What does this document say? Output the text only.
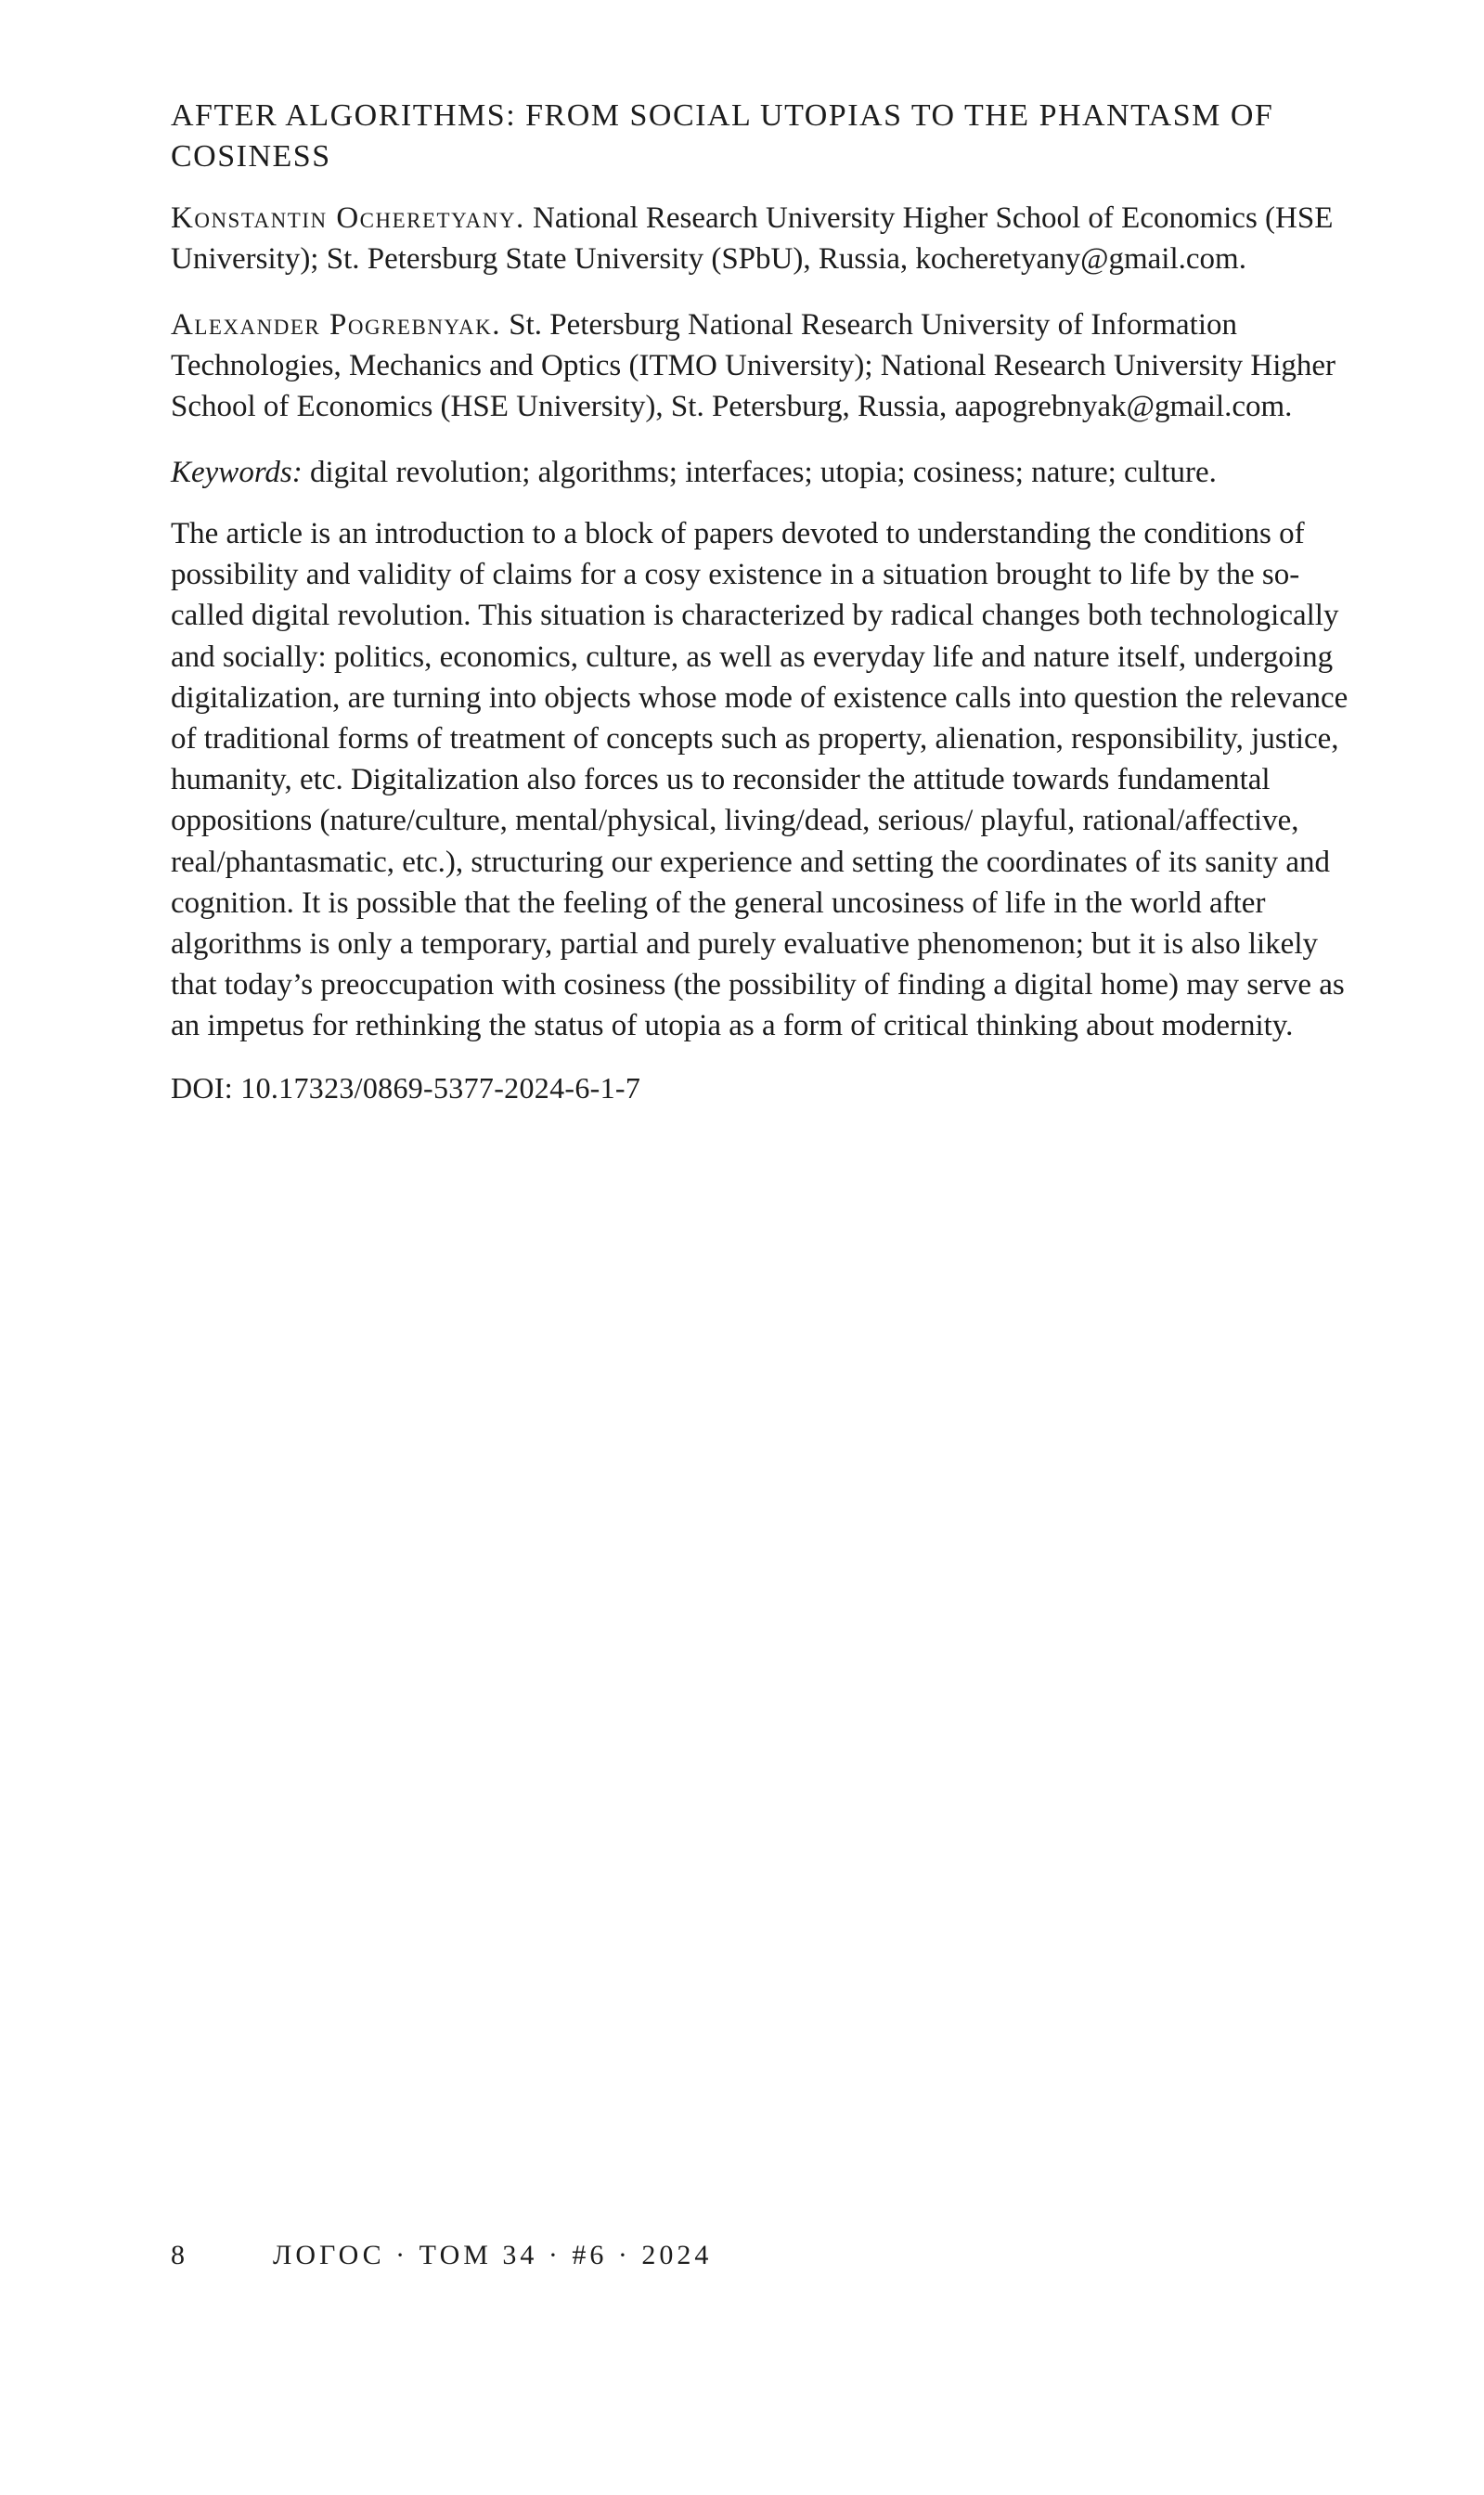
AFTER ALGORITHMS: FROM SOCIAL UTOPIAS TO THE PHANTASM OF COSINESS

Konstantin Ocheretyany. National Research University Higher School of Economics (HSE University); St. Petersburg State University (SPbU), Russia, kocheretyany@gmail.com.

Alexander Pogrebnyak. St. Petersburg National Research University of Information Technologies, Mechanics and Optics (ITMO University); National Research University Higher School of Economics (HSE University), St. Petersburg, Russia, aapogrebnyak@gmail.com.

Keywords: digital revolution; algorithms; interfaces; utopia; cosiness; nature; culture.

The article is an introduction to a block of papers devoted to understanding the conditions of possibility and validity of claims for a cosy existence in a situation brought to life by the so-called digital revolution. This situation is characterized by radical changes both technologically and socially: politics, economics, culture, as well as everyday life and nature itself, undergoing digitalization, are turning into objects whose mode of existence calls into question the relevance of traditional forms of treatment of concepts such as property, alienation, responsibility, justice, humanity, etc. Digitalization also forces us to reconsider the attitude towards fundamental oppositions (nature/culture, mental/physical, living/dead, serious/ playful, rational/affective, real/phantasmatic, etc.), structuring our experience and setting the coordinates of its sanity and cognition. It is possible that the feeling of the general uncosiness of life in the world after algorithms is only a temporary, partial and purely evaluative phenomenon; but it is also likely that today’s preoccupation with cosiness (the possibility of finding a digital home) may serve as an impetus for rethinking the status of utopia as a form of critical thinking about modernity.

DOI: 10.17323/0869-5377-2024-6-1-7

8	ЛОГОС · ТОМ 34 · #6 · 2024
